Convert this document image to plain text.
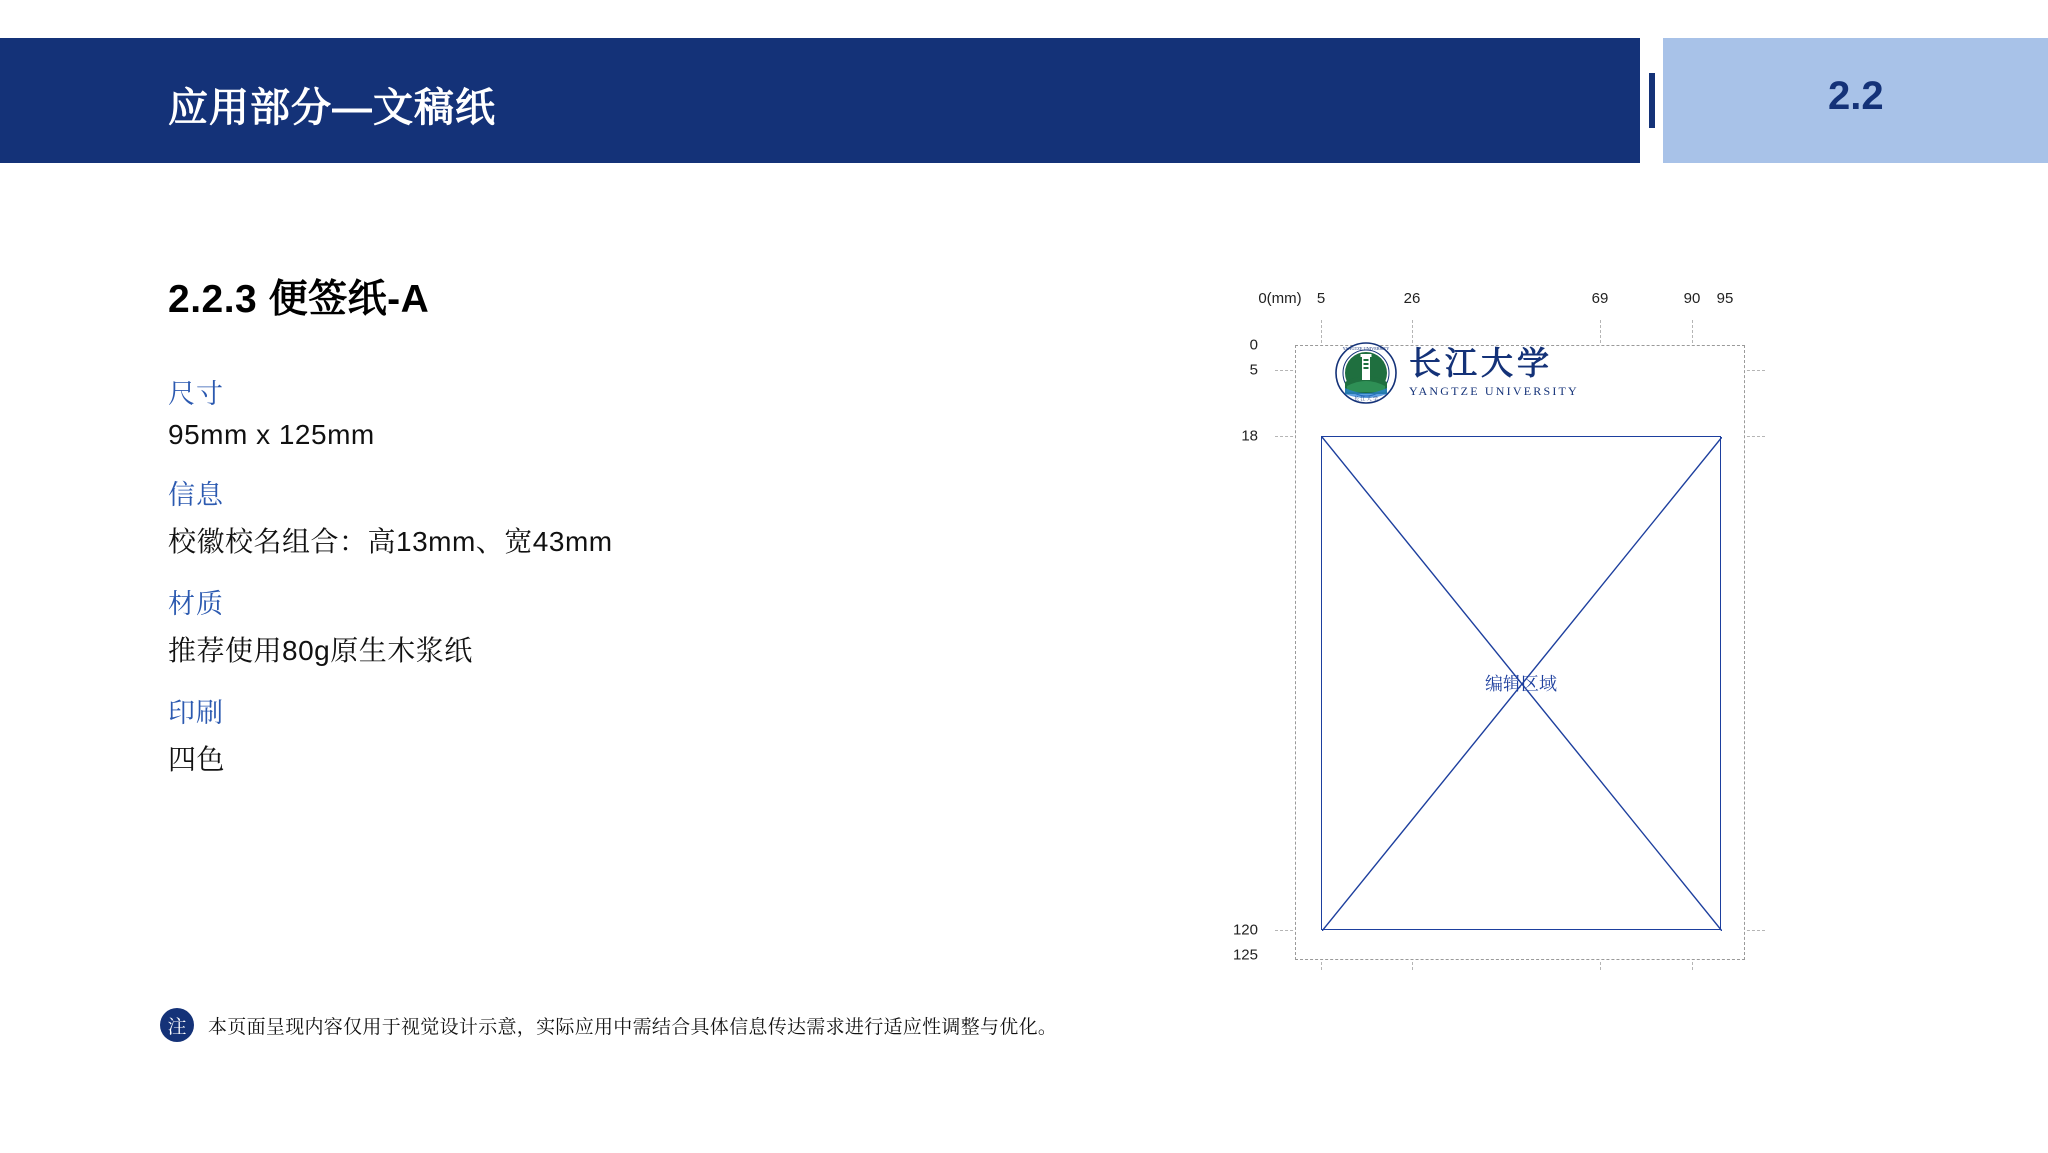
应用部分—文稿纸	2.2
2.2.3 便签纸-A
尺寸
95mm x 125mm
信息
校徽校名组合：高13mm、宽43mm
材质
推荐使用80g原生木浆纸
印刷
四色
注	本页面呈现内容仅用于视觉设计示意，实际应用中需结合具体信息传达需求进行适应性调整与优化。
0(mm) 5	26	69	90 95
0
5
18
120
125
YANGTZE UNIVERSITY
长 江 大 学
长江大学
YANGTZE UNIVERSITY
编辑区域
